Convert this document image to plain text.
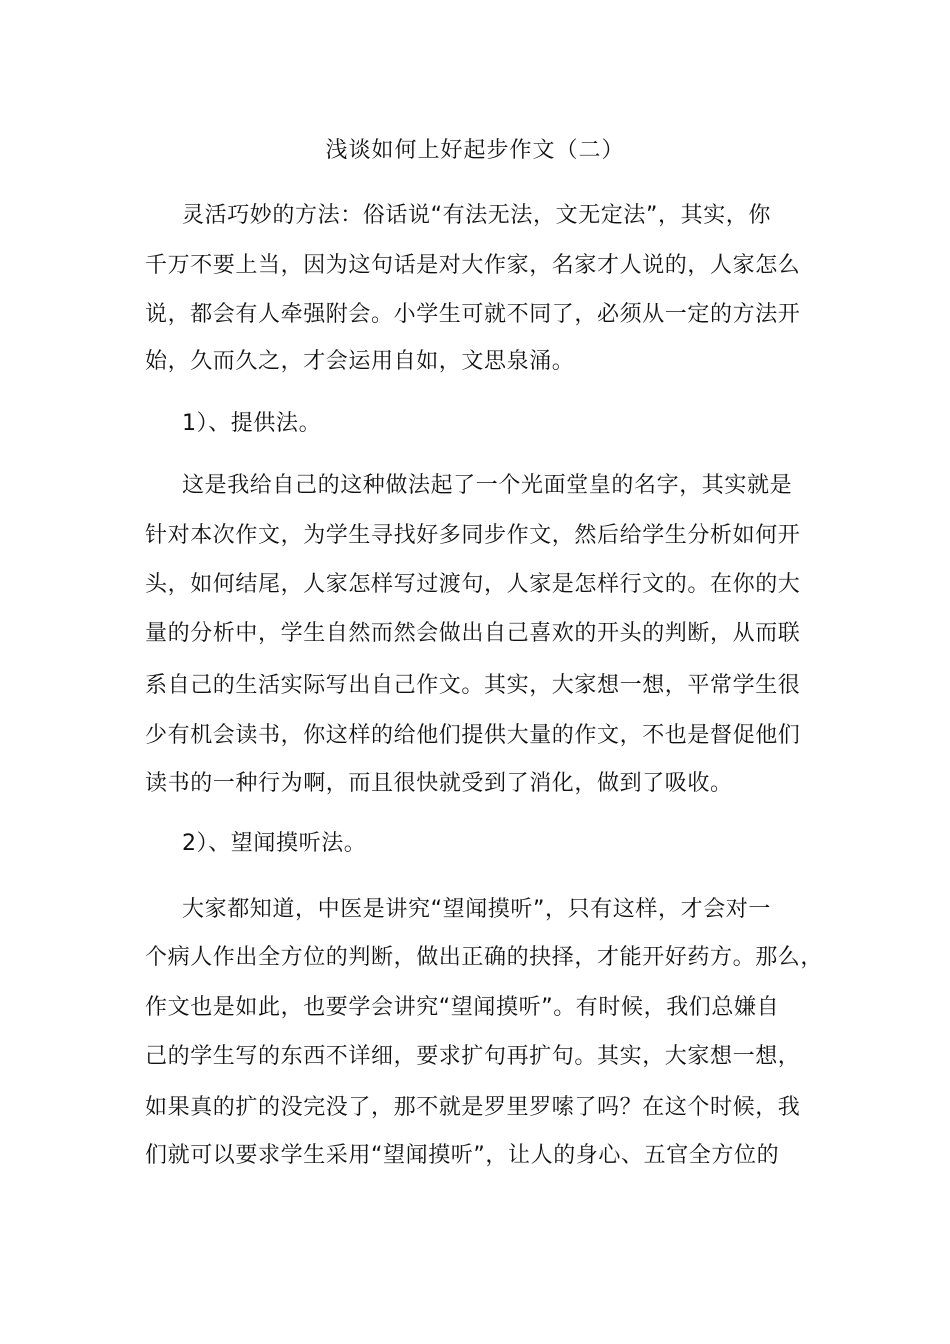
浅谈如何上好起步作文（二）
灵活巧妙的方法：俗话说“有法无法，文无定法”，其实，你
千万不要上当，因为这句话是对大作家，名家才人说的，人家怎么
说，都会有人牵强附会。小学生可就不同了，必须从一定的方法开
始，久而久之，才会运用自如，文思泉涌。
1）、提供法。
这是我给自己的这种做法起了一个光面堂皇的名字，其实就是
针对本次作文，为学生寻找好多同步作文，然后给学生分析如何开
头，如何结尾，人家怎样写过渡句，人家是怎样行文的。在你的大
量的分析中，学生自然而然会做出自己喜欢的开头的判断，从而联
系自己的生活实际写出自己作文。其实，大家想一想，平常学生很
少有机会读书，你这样的给他们提供大量的作文，不也是督促他们
读书的一种行为啊，而且很快就受到了消化，做到了吸收。
2）、望闻摸听法。
大家都知道，中医是讲究“望闻摸听”，只有这样，才会对一
个病人作出全方位的判断，做出正确的抉择，才能开好药方。那么，
作文也是如此，也要学会讲究“望闻摸听”。有时候，我们总嫌自
己的学生写的东西不详细，要求扩句再扩句。其实，大家想一想，
如果真的扩的没完没了，那不就是罗里罗嗦了吗？在这个时候，我
们就可以要求学生采用“望闻摸听”，让人的身心、五官全方位的
